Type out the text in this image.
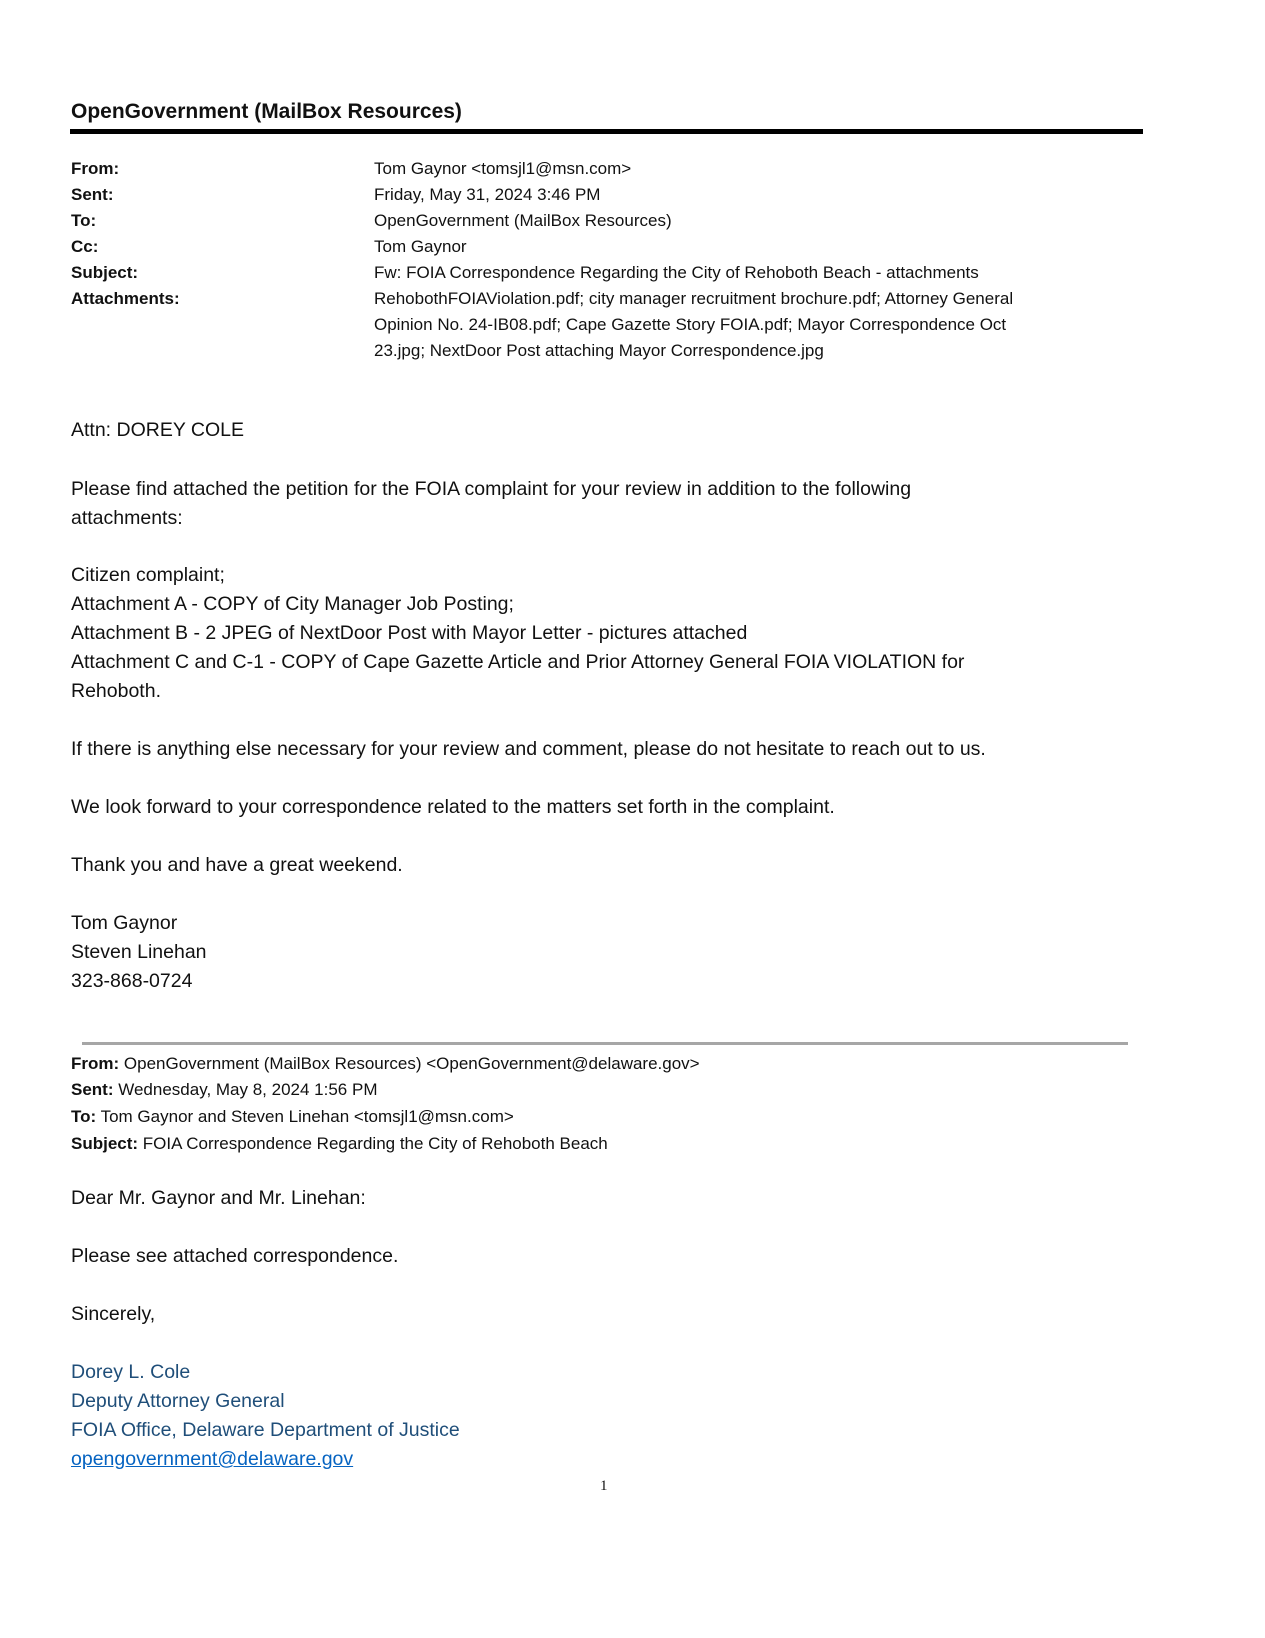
OpenGovernment (MailBox Resources)
From:	Tom Gaynor <tomsjl1@msn.com>
Sent:	Friday, May 31, 2024 3:46 PM
To:	OpenGovernment (MailBox Resources)
Cc:	Tom Gaynor
Subject:	Fw: FOIA Correspondence Regarding the City of Rehoboth Beach - attachments
Attachments:	RehobothFOIAViolation.pdf; city manager recruitment brochure.pdf; Attorney General
Opinion No. 24-IB08.pdf; Cape Gazette Story FOIA.pdf; Mayor Correspondence Oct
23.jpg; NextDoor Post attaching Mayor Correspondence.jpg
Attn: DOREY COLE
Please find attached the petition for the FOIA complaint for your review in addition to the following
attachments:
Citizen complaint;
Attachment A - COPY of City Manager Job Posting;
Attachment B - 2 JPEG of NextDoor Post with Mayor Letter - pictures attached
Attachment C and C-1 - COPY of Cape Gazette Article and Prior Attorney General FOIA VIOLATION for
Rehoboth.
If there is anything else necessary for your review and comment, please do not hesitate to reach out to us.
We look forward to your correspondence related to the matters set forth in the complaint.
Thank you and have a great weekend.
Tom Gaynor
Steven Linehan
323-868-0724
From: OpenGovernment (MailBox Resources) <OpenGovernment@delaware.gov>
Sent: Wednesday, May 8, 2024 1:56 PM
To: Tom Gaynor and Steven Linehan <tomsjl1@msn.com>
Subject: FOIA Correspondence Regarding the City of Rehoboth Beach
Dear Mr. Gaynor and Mr. Linehan:
Please see attached correspondence.
Sincerely,
Dorey L. Cole
Deputy Attorney General
FOIA Office, Delaware Department of Justice
opengovernment@delaware.gov
1
